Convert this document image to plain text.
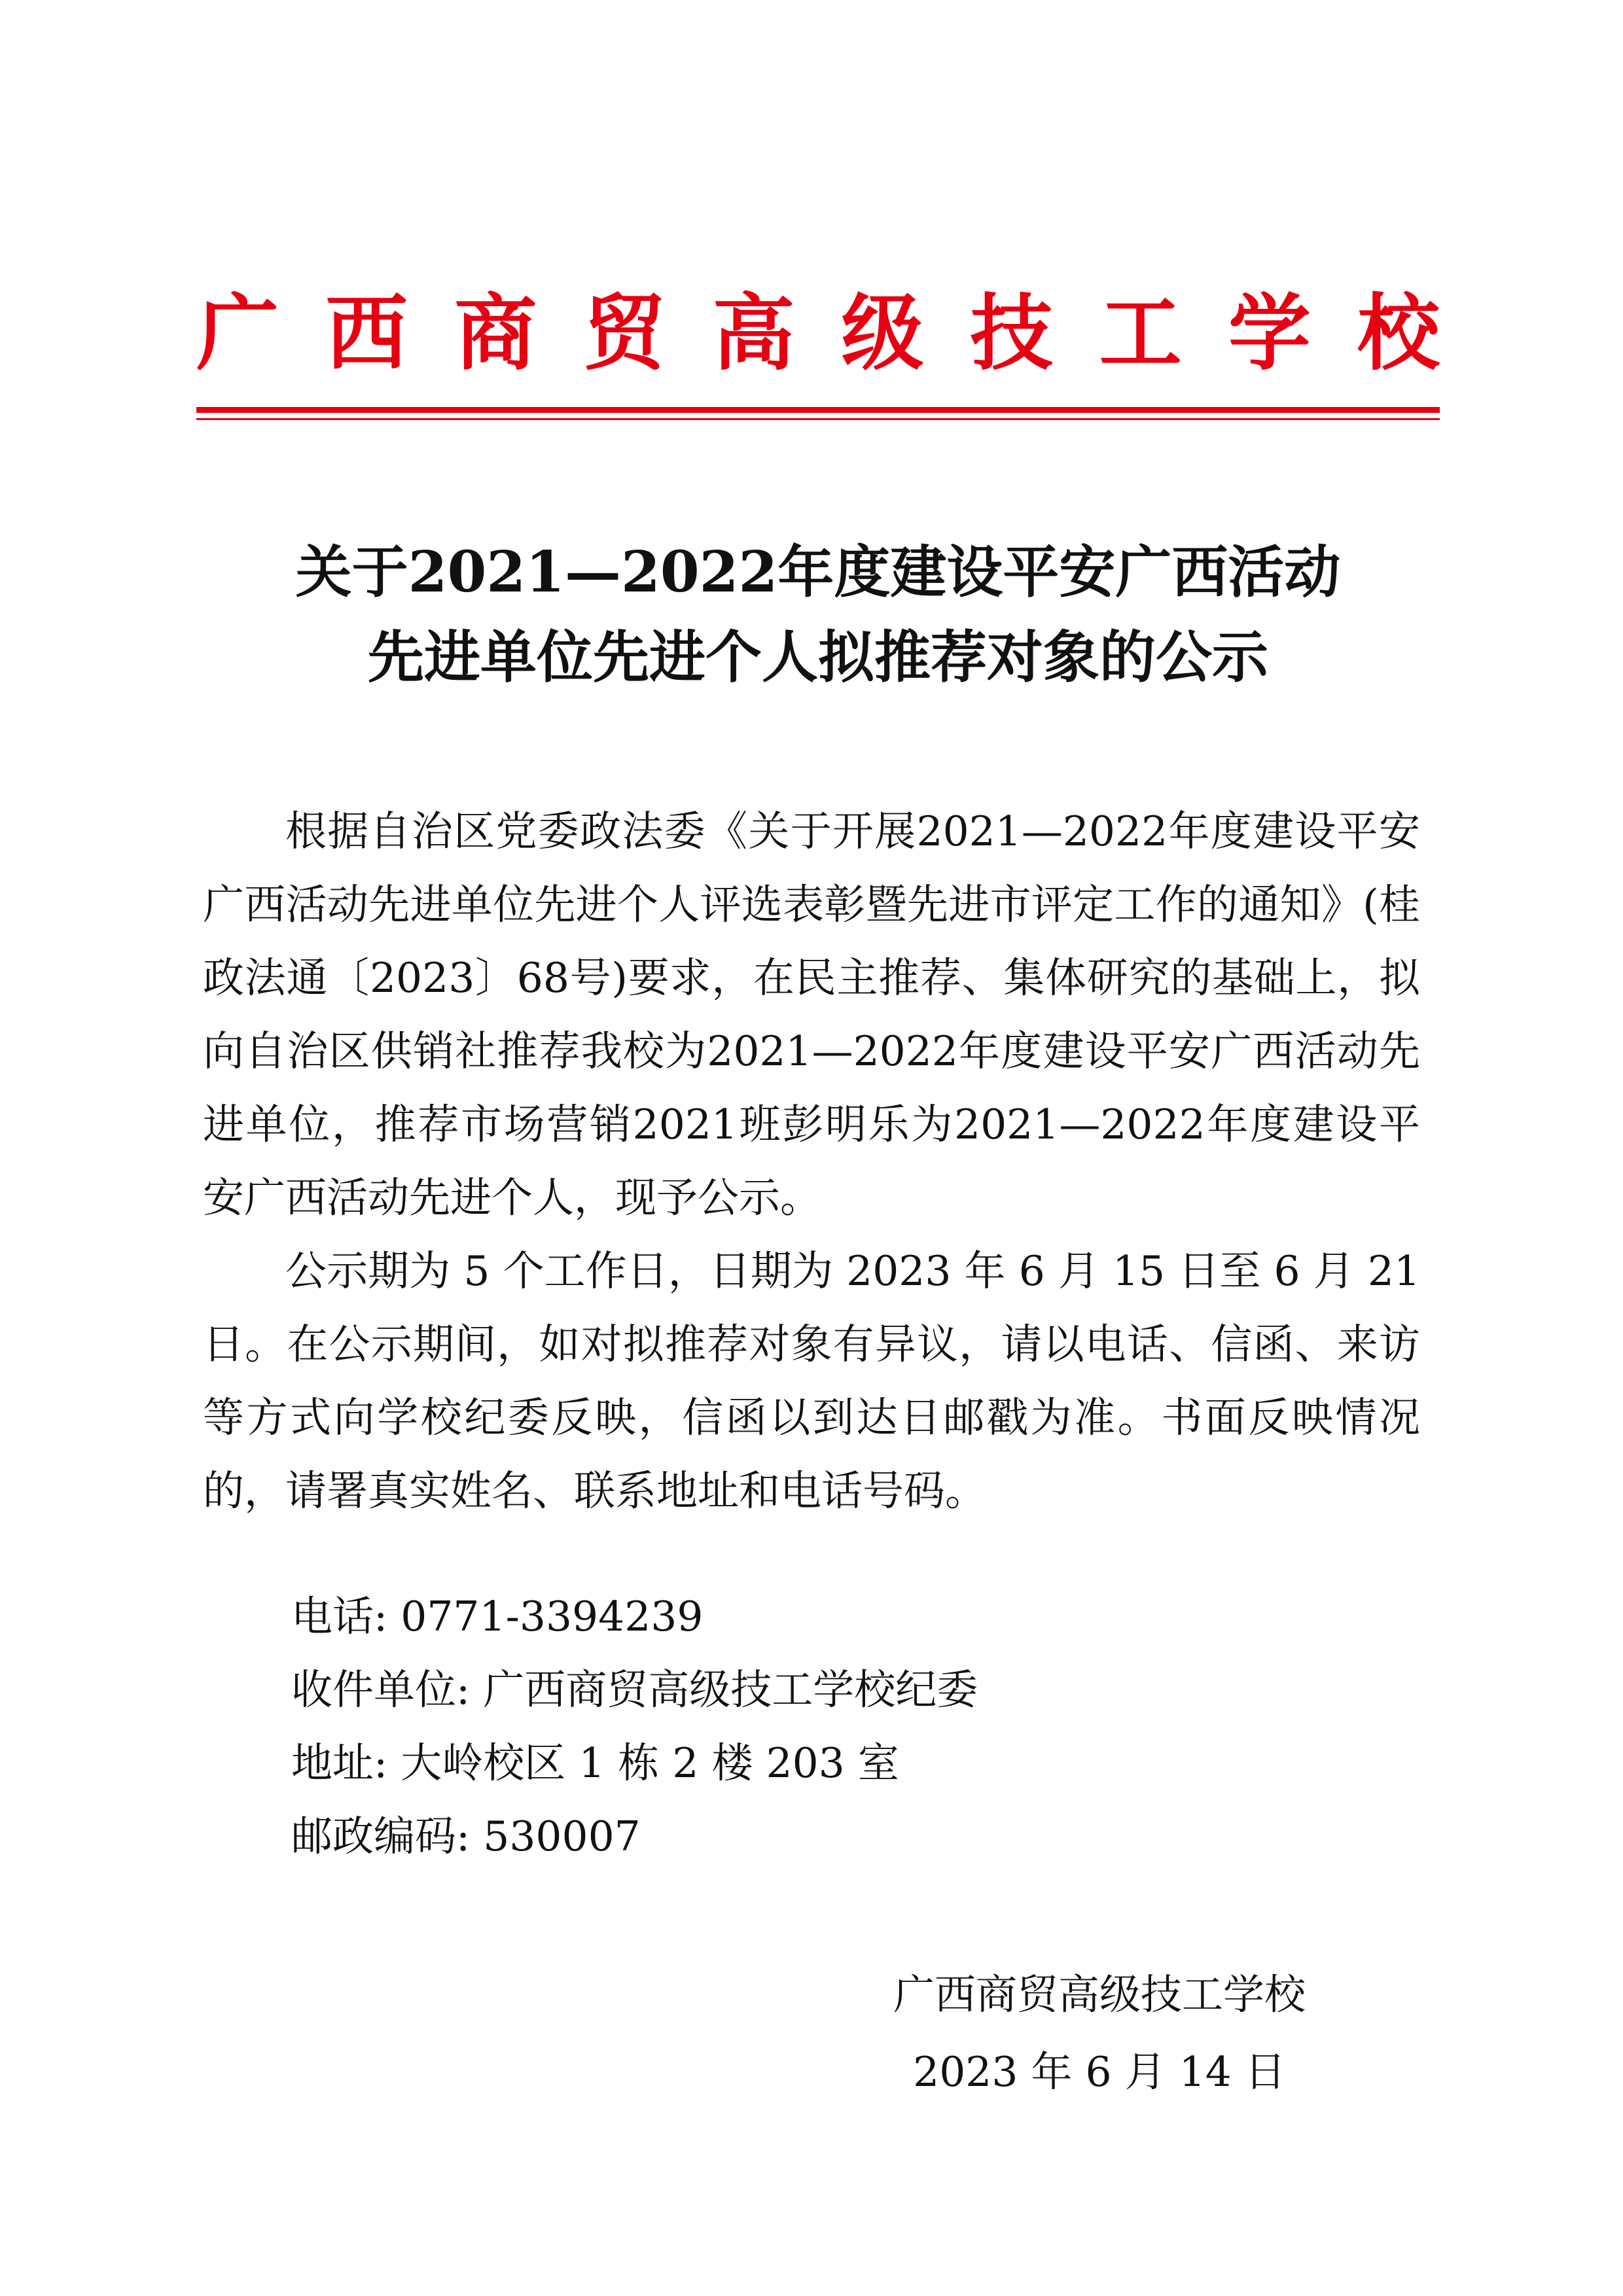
广 西 商 贸 高 级 技 工 学 校
关于2021—2022年度建设平安广西活动
先进单位先进个人拟推荐对象的公示

根据自治区党委政法委《关于开展2021—2022年度建设平安广西活动先进单位先进个人评选表彰暨先进市评定工作的通知》(桂政法通〔2023〕68号)要求，在民主推荐、集体研究的基础上，拟向自治区供销社推荐我校为2021—2022年度建设平安广西活动先进单位，推荐市场营销2021班彭明乐为2021—2022年度建设平安广西活动先进个人，现予公示。

公示期为 5 个工作日，日期为 2023 年 6 月 15 日至 6 月 21 日。在公示期间，如对拟推荐对象有异议，请以电话、信函、来访等方式向学校纪委反映，信函以到达日邮戳为准。书面反映情况的，请署真实姓名、联系地址和电话号码。

电话: 0771-3394239
收件单位: 广西商贸高级技工学校纪委
地址: 大岭校区 1 栋 2 楼 203 室
邮政编码: 530007
广西商贸高级技工学校
2023 年 6 月 14 日
